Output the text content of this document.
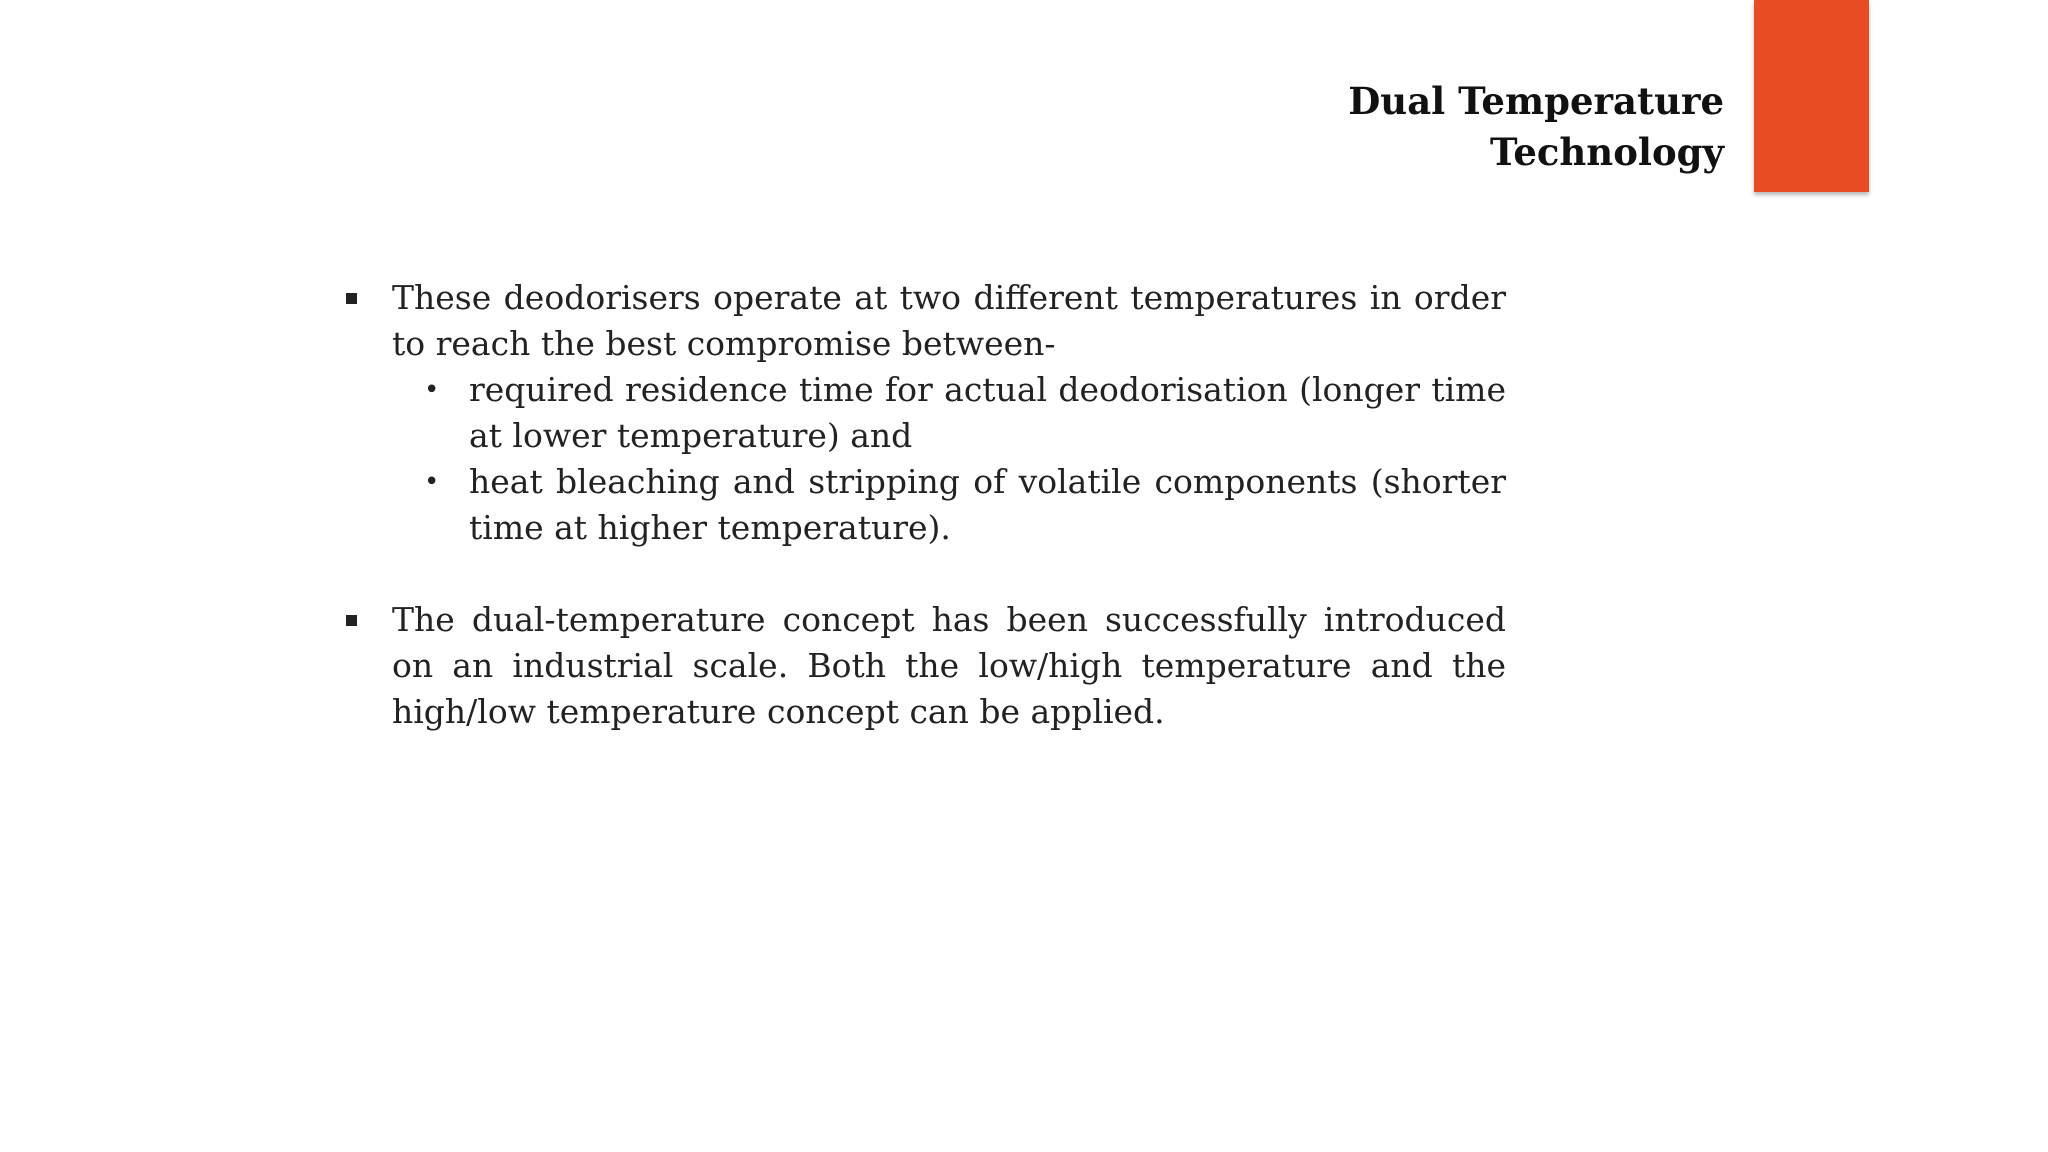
Dual Temperature
Technology
These deodorisers operate at two different temperatures in order to reach the best compromise between-
• required residence time for actual deodorisation (longer time at lower temperature) and
• heat bleaching and stripping of volatile components (shorter time at higher temperature).
The dual-temperature concept has been successfully introduced on an industrial scale. Both the low/high temperature and the high/low temperature concept can be applied.
